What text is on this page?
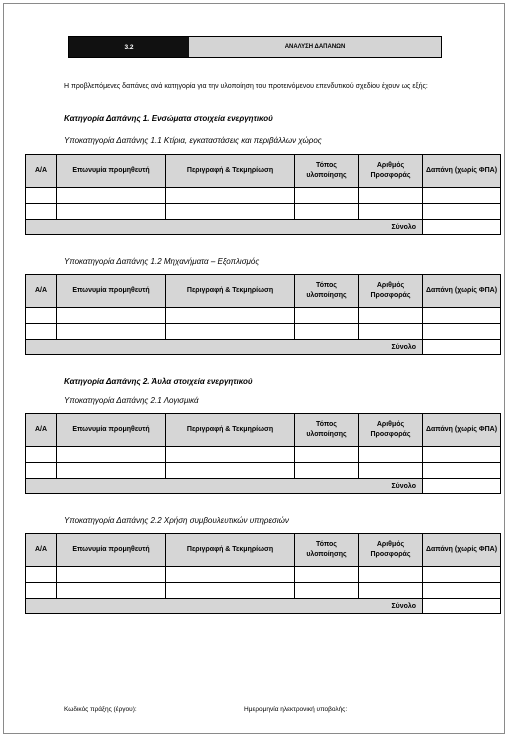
3.2	ΑΝΑΛΥΣΗ ΔΑΠΑΝΩΝ
Η προβλεπόμενες δαπάνες ανά κατηγορία για την υλοποίηση του προτεινόμενου επενδυτικού σχεδίου έχουν ως εξής:
Κατηγορία Δαπάνης 1. Ενσώματα στοιχεία ενεργητικού
Υποκατηγορία Δαπάνης 1.1 Κτίρια, εγκαταστάσεις και περιβάλλων χώρος
Α/Α	Επωνυμία προμηθευτή	Περιγραφή & Τεκμηρίωση	Τόπος υλοποίησης	Αριθμός Προσφοράς	Δαπάνη (χωρίς ΦΠΑ)

Σύνολο					
Υποκατηγορία Δαπάνης 1.2 Μηχανήματα – Εξοπλισμός
Α/Α	Επωνυμία προμηθευτή	Περιγραφή & Τεκμηρίωση	Τόπος υλοποίησης	Αριθμός Προσφοράς	Δαπάνη (χωρίς ΦΠΑ)

Σύνολο					
Κατηγορία Δαπάνης 2. Άυλα στοιχεία ενεργητικού
Υποκατηγορία Δαπάνης 2.1 Λογισμικά
Α/Α	Επωνυμία προμηθευτή	Περιγραφή & Τεκμηρίωση	Τόπος υλοποίησης	Αριθμός Προσφοράς	Δαπάνη (χωρίς ΦΠΑ)

Σύνολο					
Υποκατηγορία Δαπάνης 2.2 Χρήση συμβουλευτικών υπηρεσιών
Α/Α	Επωνυμία προμηθευτή	Περιγραφή & Τεκμηρίωση	Τόπος υλοποίησης	Αριθμός Προσφοράς	Δαπάνη (χωρίς ΦΠΑ)

Σύνολο					
Κωδικός πράξης (έργου):	Ημερομηνία ηλεκτρονική υποβολής:
